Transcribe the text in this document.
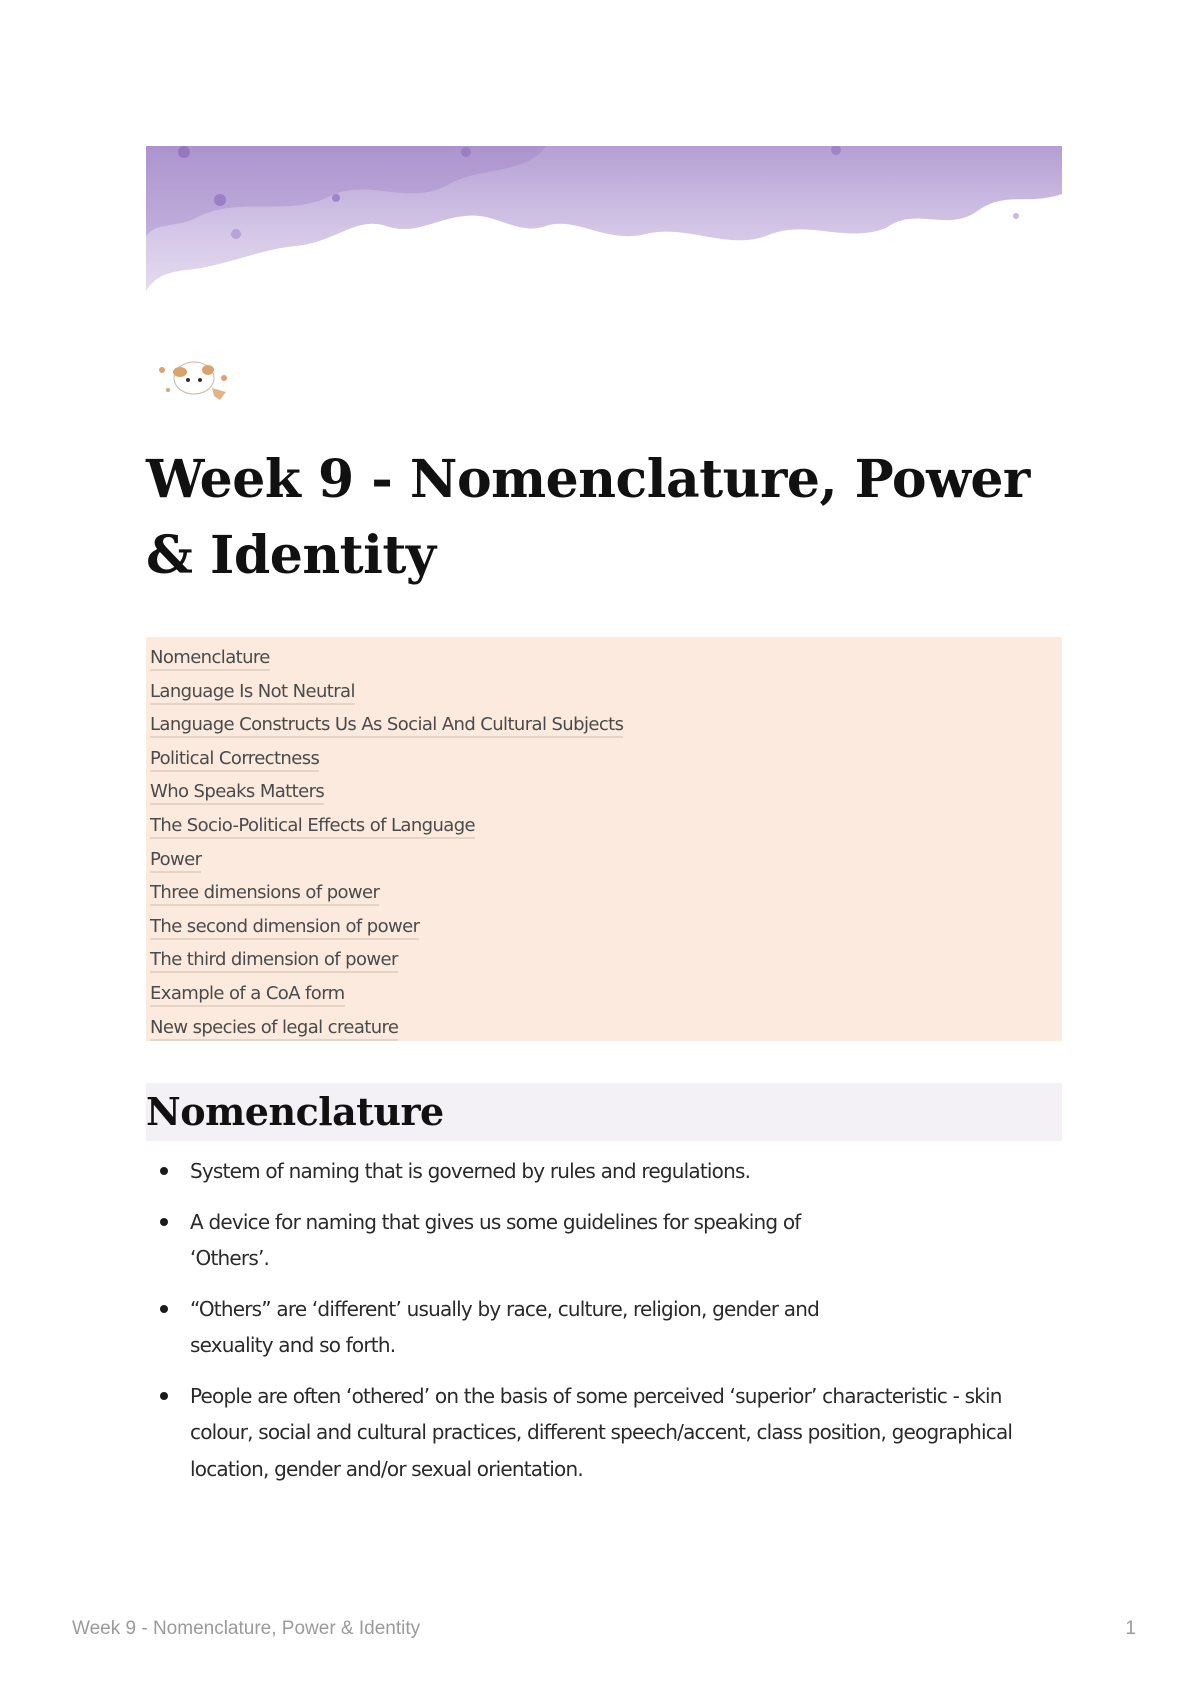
Week 9 - Nomenclature, Power & Identity
Nomenclature
Language Is Not Neutral
Language Constructs Us As Social And Cultural Subjects
Political Correctness
Who Speaks Matters
The Socio-Political Effects of Language
Power
Three dimensions of power
The second dimension of power
The third dimension of power
Example of a CoA form
New species of legal creature
Nomenclature
System of naming that is governed by rules and regulations.
A device for naming that gives us some guidelines for speaking of ‘Others’.
“Others” are ‘different’ usually by race, culture, religion, gender and sexuality and so forth.
People are often ‘othered’ on the basis of some perceived ‘superior’ characteristic - skin colour, social and cultural practices, different speech/accent, class position, geographical location, gender and/or sexual orientation.
Week 9 - Nomenclature, Power & Identity	1
